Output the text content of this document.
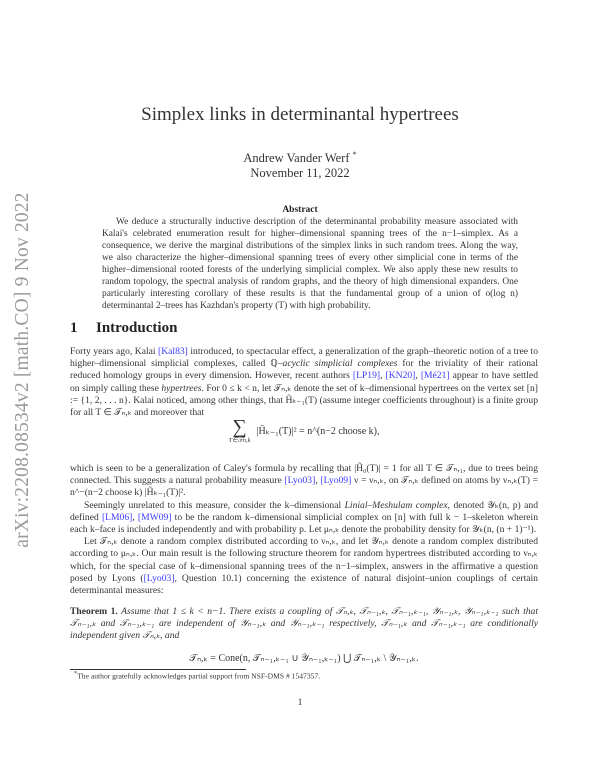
arXiv:2208.08534v2 [math.CO] 9 Nov 2022
Simplex links in determinantal hypertrees
Andrew Vander Werf *
November 11, 2022
Abstract
We deduce a structurally inductive description of the determinantal probability measure associated with Kalai's celebrated enumeration result for higher–dimensional spanning trees of the n−1–simplex. As a consequence, we derive the marginal distributions of the simplex links in such random trees. Along the way, we also characterize the higher–dimensional spanning trees of every other simplicial cone in terms of the higher–dimensional rooted forests of the underlying simplicial complex. We also apply these new results to random topology, the spectral analysis of random graphs, and the theory of high dimensional expanders. One particularly interesting corollary of these results is that the fundamental group of a union of o(log n) determinantal 2–trees has Kazhdan's property (T) with high probability.
1 Introduction

Forty years ago, Kalai [Kal83] introduced, to spectacular effect, a generalization of the graph–theoretic notion of a tree to higher–dimensional simplicial complexes, called ℚ–acyclic simplicial complexes for the triviality of their rational reduced homology groups in every dimension. However, recent authors [LP19], [KN20], [Mé21] appear to have settled on simply calling these hypertrees. For 0 ≤ k < n, let 𝒯ₙ,ₖ denote the set of k–dimensional hypertrees on the vertex set [n] := {1, 2, . . . n}. Kalai noticed, among other things, that H̃ₖ₋₁(T) (assume integer coefficients throughout) is a finite group for all T ∈ 𝒯ₙ,ₖ and moreover that

∑
T∈𝒯n,k
|H̃ₖ₋₁(T)|² = n^(n−2 choose k),

which is seen to be a generalization of Caley's formula by recalling that |H̃₀(T)| = 1 for all T ∈ 𝒯ₙ,₁, due to trees being connected. This suggests a natural probability measure [Lyo03], [Lyo09] ν = νₙ,ₖ, on 𝒯ₙ,ₖ defined on atoms by νₙ,ₖ(T) = n^−(n−2 choose k) |H̃ₖ₋₁(T)|².

Seemingly unrelated to this measure, consider the k–dimensional Linial–Meshulam complex, denoted 𝒴ₖ(n, p) and defined [LM06], [MW09] to be the random k–dimensional simplicial complex on [n] with full k − 1–skeleton wherein each k–face is included independently and with probability p. Let μₙ,ₖ denote the probability density for 𝒴ₖ(n, (n + 1)⁻¹).

Let 𝒯ₙ,ₖ denote a random complex distributed according to νₙ,ₖ, and let 𝒴ₙ,ₖ denote a random complex distributed according to μₙ,ₖ. Our main result is the following structure theorem for random hypertrees distributed according to νₙ,ₖ which, for the special case of k–dimensional spanning trees of the n−1–simplex, answers in the affirmative a question posed by Lyons ([Lyo03], Question 10.1) concerning the existence of natural disjoint–union couplings of certain determinantal measures:

Theorem 1. Assume that 1 ≤ k < n−1. There exists a coupling of 𝒯ₙ,ₖ, 𝒯ₙ₋₁,ₖ, 𝒯ₙ₋₁,ₖ₋₁, 𝒴ₙ₋₁,ₖ, 𝒴ₙ₋₁,ₖ₋₁ such that 𝒯ₙ₋₁,ₖ and 𝒯ₙ₋₁,ₖ₋₁ are independent of 𝒴ₙ₋₁,ₖ and 𝒴ₙ₋₁,ₖ₋₁ respectively, 𝒯ₙ₋₁,ₖ and 𝒯ₙ₋₁,ₖ₋₁ are conditionally independent given 𝒯ₙ,ₖ, and

𝒯ₙ,ₖ = Cone(n, 𝒯ₙ₋₁,ₖ₋₁ ∪ 𝒴ₙ₋₁,ₖ₋₁) ⋃ 𝒯ₙ₋₁,ₖ \ 𝒴ₙ₋₁,ₖ.
*The author gratefully acknowledges partial support from NSF-DMS # 1547357.
1
